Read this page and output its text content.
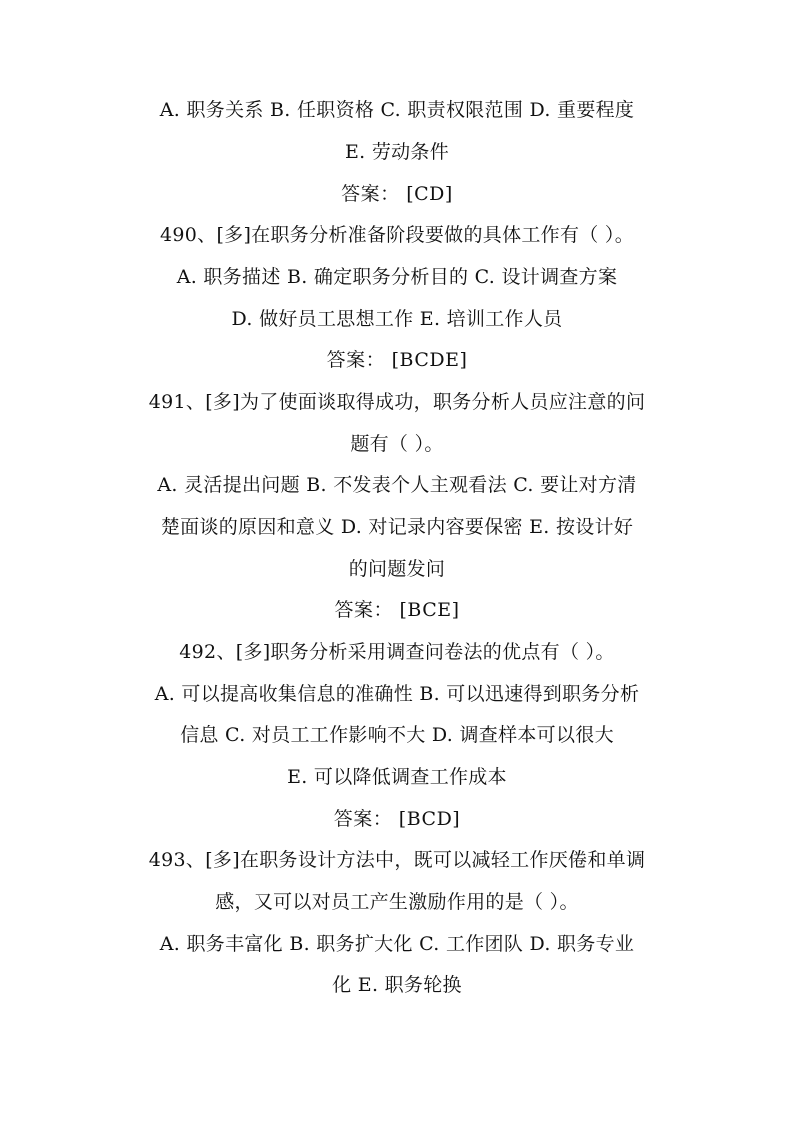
A. 职务关系 B. 任职资格 C. 职责权限范围 D. 重要程度
E. 劳动条件
答案： [CD]
490、[多]在职务分析准备阶段要做的具体工作有（ ）。
A. 职务描述 B. 确定职务分析目的 C. 设计调查方案
D. 做好员工思想工作 E. 培训工作人员
答案： [BCDE]
491、[多]为了使面谈取得成功，职务分析人员应注意的问
题有（ ）。
A. 灵活提出问题 B. 不发表个人主观看法 C. 要让对方清
楚面谈的原因和意义 D. 对记录内容要保密 E. 按设计好
的问题发问
答案： [BCE]
492、[多]职务分析采用调查问卷法的优点有（ ）。
A. 可以提高收集信息的准确性 B. 可以迅速得到职务分析
信息 C. 对员工工作影响不大 D. 调查样本可以很大
E. 可以降低调查工作成本
答案： [BCD]
493、[多]在职务设计方法中，既可以减轻工作厌倦和单调
感，又可以对员工产生激励作用的是（ ）。
A. 职务丰富化 B. 职务扩大化 C. 工作团队 D. 职务专业
化 E. 职务轮换
